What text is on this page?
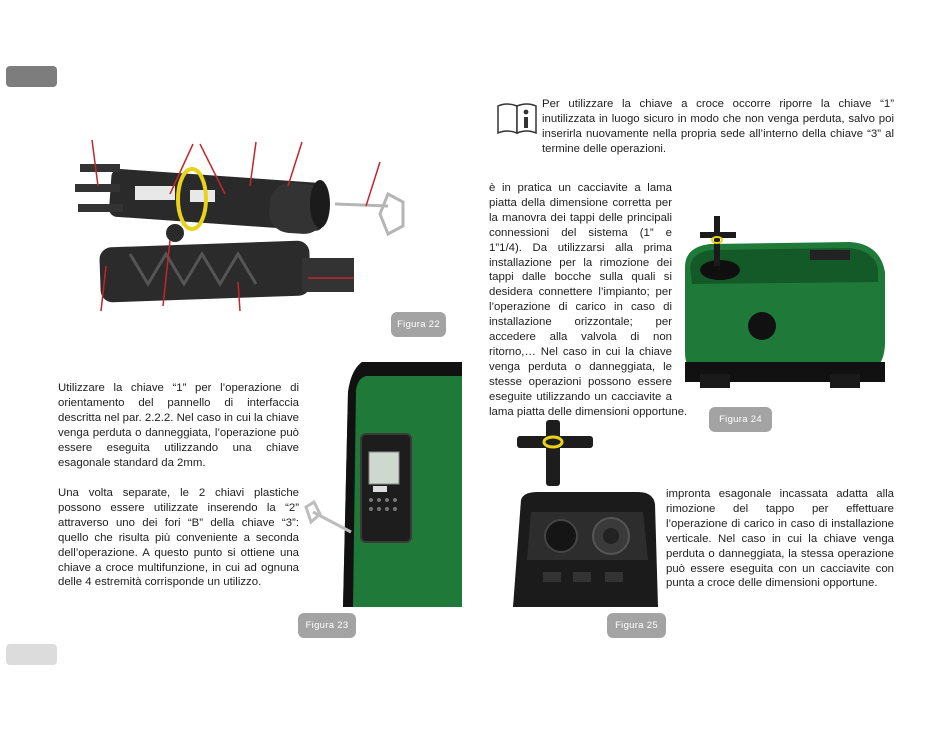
Figura 22

Per utilizzare la chiave a croce occorre riporre la chiave “1” inutilizzata in luogo sicuro in modo che non venga perduta, salvo poi inserirla nuovamente nella propria sede all’interno della chiave “3” al termine delle operazioni.

Utilizzare la chiave “1” per l’operazione di orientamento del pannello di interfaccia descritta nel par. 2.2.2. Nel caso in cui la chiave venga perduta o danneggiata, l’operazione può essere eseguita utilizzando una chiave esagonale standard da 2mm.

Una volta separate, le 2 chiavi plastiche possono essere utilizzate inserendo la “2” attraverso uno dei fori “B” della chiave “3”: quello che risulta più conveniente a seconda dell’operazione. A questo punto si ottiene una chiave a croce multifunzione, in cui ad ognuna delle 4 estremità corrisponde un utilizzo.

Figura 23

è in pratica un cacciavite a lama piatta della dimensione corretta per la manovra dei tappi delle principali connessioni del sistema (1” e 1”1/4). Da utilizzarsi alla prima installazione per la rimozione dei tappi dalle bocche sulla quali si desidera connettere l’impianto; per l’operazione di carico in caso di installazione orizzontale; per accedere alla valvola di non ritorno,… Nel caso in cui la chiave venga perduta o danneggiata, le stesse operazioni possono essere eseguite utilizzando un cacciavite a lama piatta delle dimensioni opportune.

Figura 24
Figura 25

impronta esagonale incassata adatta alla rimozione del tappo per effettuare l’operazione di carico in caso di installazione verticale. Nel caso in cui la chiave venga perduta o danneggiata, la stessa operazione può essere eseguita con un cacciavite con punta a croce delle dimensioni opportune.
